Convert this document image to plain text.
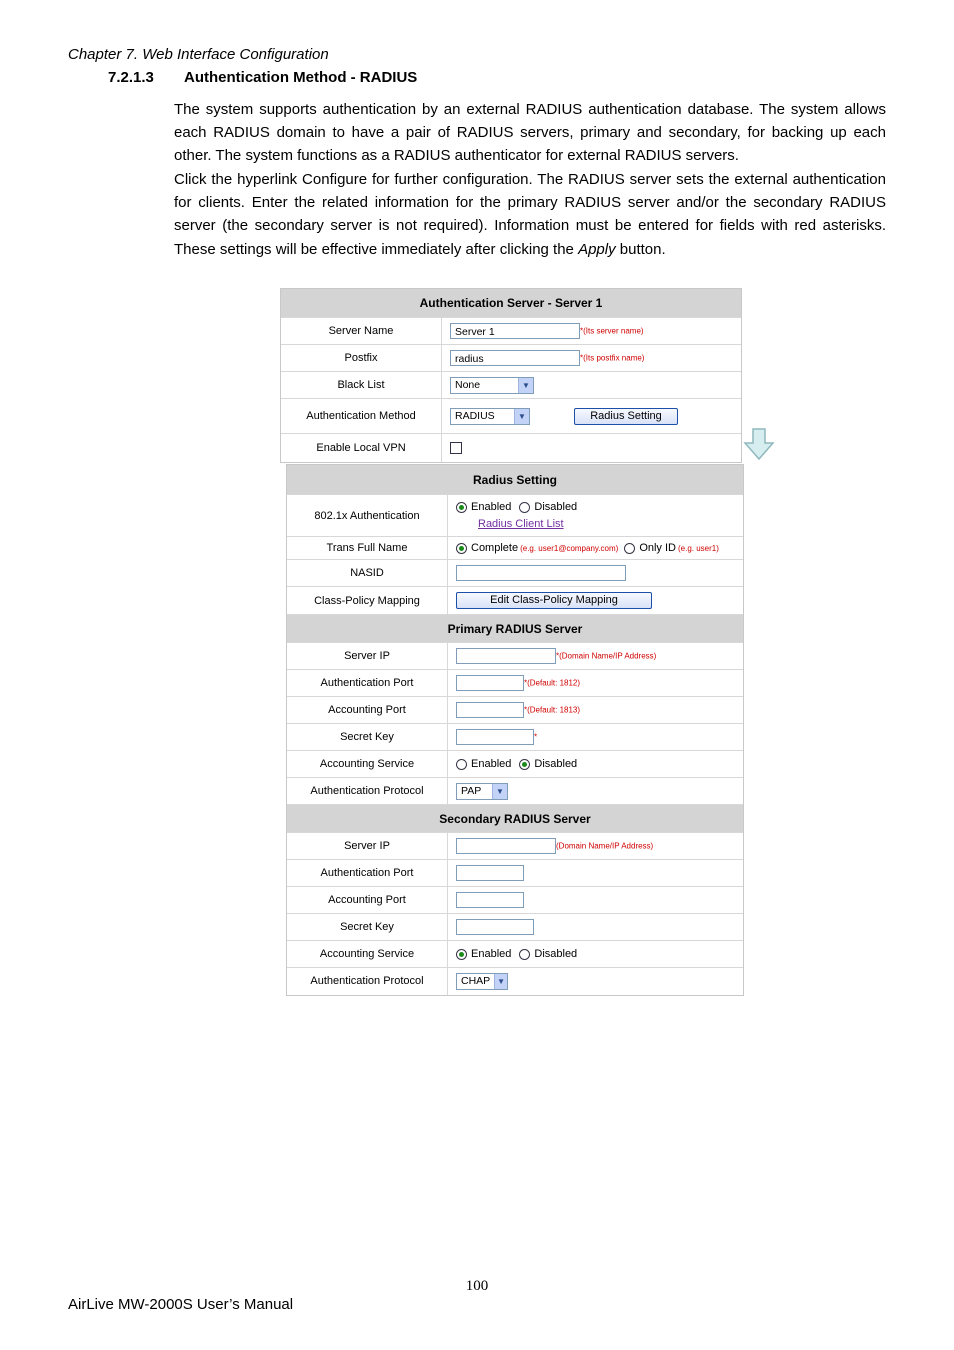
Chapter 7. Web Interface Configuration
7.2.1.3 Authentication Method - RADIUS
The system supports authentication by an external RADIUS authentication database. The system allows each RADIUS domain to have a pair of RADIUS servers, primary and secondary, for backing up each other. The system functions as a RADIUS authenticator for external RADIUS servers.
Click the hyperlink Configure for further configuration. The RADIUS server sets the external authentication for clients. Enter the related information for the primary RADIUS server and/or the secondary RADIUS server (the secondary server is not required). Information must be entered for fields with red asterisks. These settings will be effective immediately after clicking the Apply button.
Authentication Server - Server 1	
Server Name	Server 1 *(Its server name)
Postfix	radius *(Its postfix name)
Black List	None ▼

Authentication Method	RADIUS ▼ Radius Setting
Enable Local VPN	
Radius Setting	
802.1x Authentication	Enabled Disabled
Radius Client List

Trans Full Name	Complete (e.g. user1@company.com) Only ID (e.g. user1)
NASID	
Class-Policy Mapping	Edit Class-Policy Mapping
Primary RADIUS Server	
Server IP	*(Domain Name/IP Address)
Authentication Port	*(Default: 1812)
Accounting Port	*(Default: 1813)
Secret Key	*
Accounting Service	Enabled Disabled
Authentication Protocol	PAP ▼

Secondary RADIUS Server	
Server IP	(Domain Name/IP Address)
Authentication Port	
Accounting Port	
Secret Key	
Accounting Service	Enabled Disabled
Authentication Protocol	CHAP ▼
100
AirLive MW-2000S User’s Manual
